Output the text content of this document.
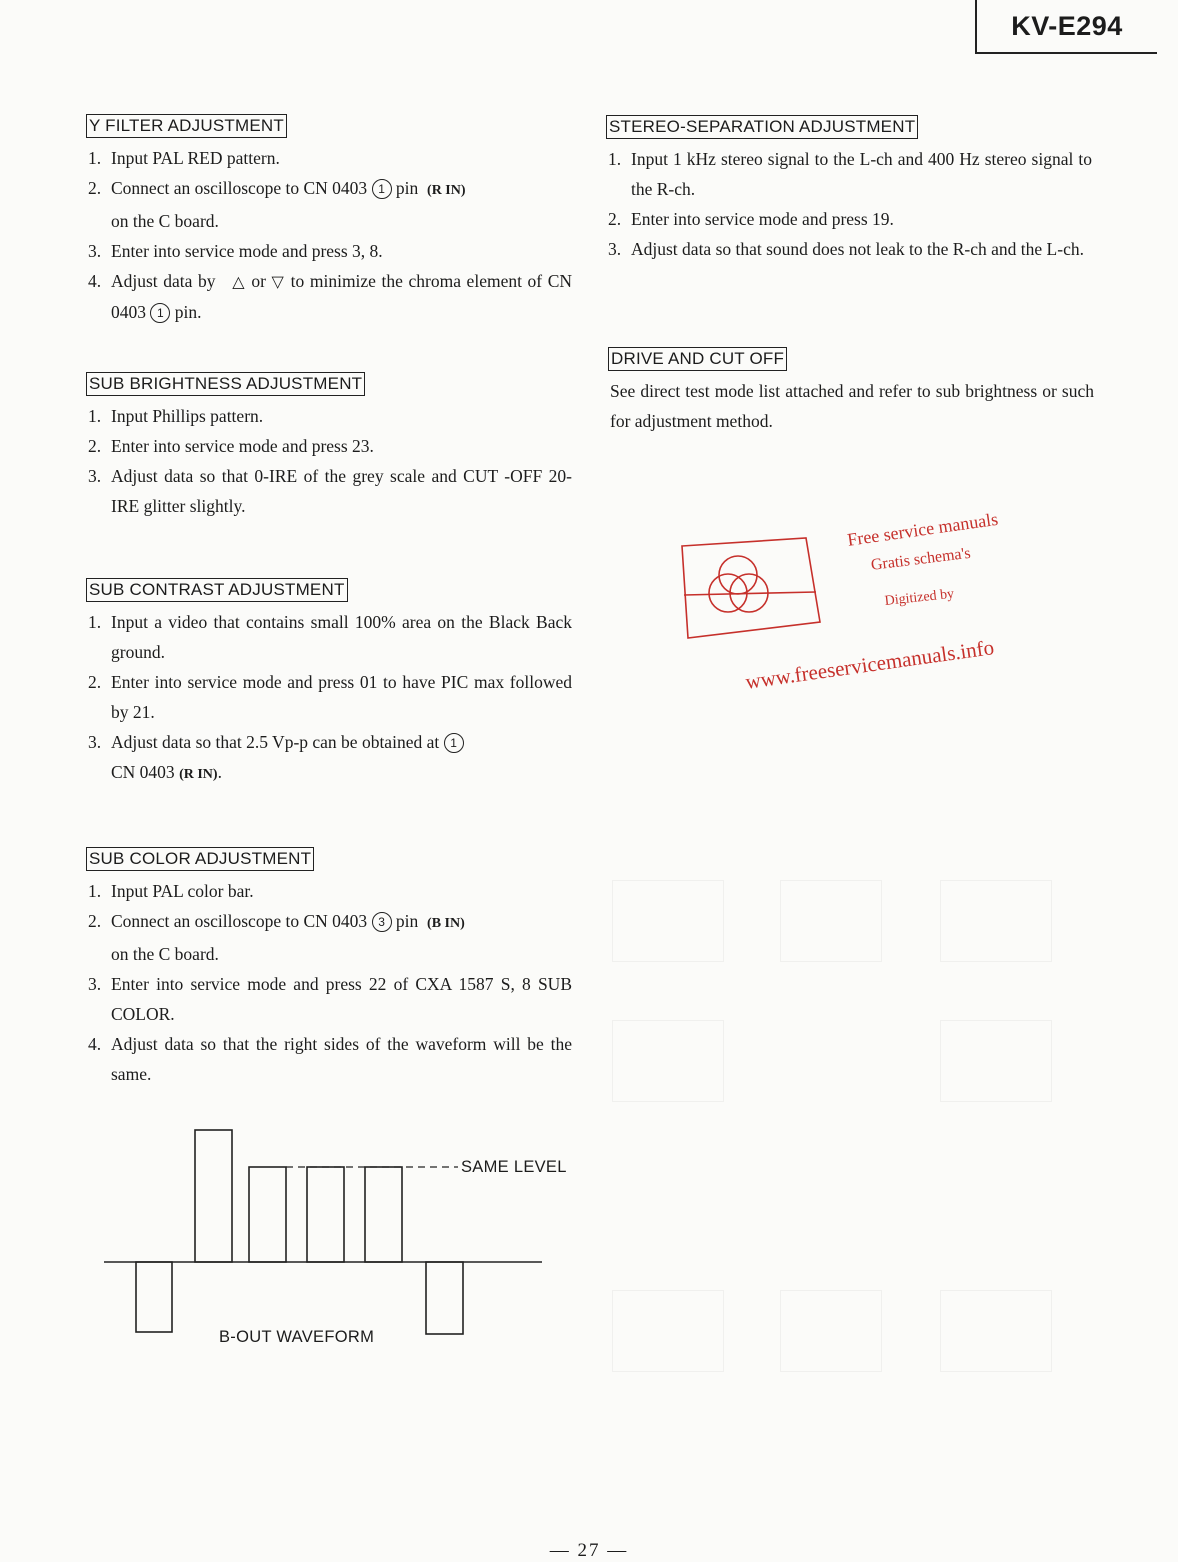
KV-E294
Y FILTER ADJUSTMENT
1. Input PAL RED pattern.
2. Connect an oscilloscope to CN 0403 1 pin (R IN)
on the C board.
3. Enter into service mode and press 3, 8.
4. Adjust data by △ or ▽ to minimize the chroma element of CN 0403 1 pin.
SUB BRIGHTNESS ADJUSTMENT
1. Input Phillips pattern.
2. Enter into service mode and press 23.
3. Adjust data so that 0-IRE of the grey scale and CUT -OFF 20-IRE glitter slightly.
SUB CONTRAST ADJUSTMENT
1. Input a video that contains small 100% area on the Black Back ground.
2. Enter into service mode and press 01 to have PIC max followed by 21.
3. Adjust data so that 2.5 Vp-p can be obtained at 1
CN 0403 (R IN).
SUB COLOR ADJUSTMENT
1. Input PAL color bar.
2. Connect an oscilloscope to CN 0403 3 pin (B IN)
on the C board.
3. Enter into service mode and press 22 of CXA 1587 S, 8 SUB COLOR.
4. Adjust data so that the right sides of the waveform will be the same.
SAME LEVEL
B-OUT WAVEFORM
STEREO-SEPARATION ADJUSTMENT
1. Input 1 kHz stereo signal to the L-ch and 400 Hz stereo signal to the R-ch.
2. Enter into service mode and press 19.
3. Adjust data so that sound does not leak to the R-ch and the L-ch.
DRIVE AND CUT OFF

See direct test mode list attached and refer to sub brightness or such for adjustment method.

Free service manuals
Gratis schema's
Digitized by
www.freeservicemanuals.info
— 27 —
